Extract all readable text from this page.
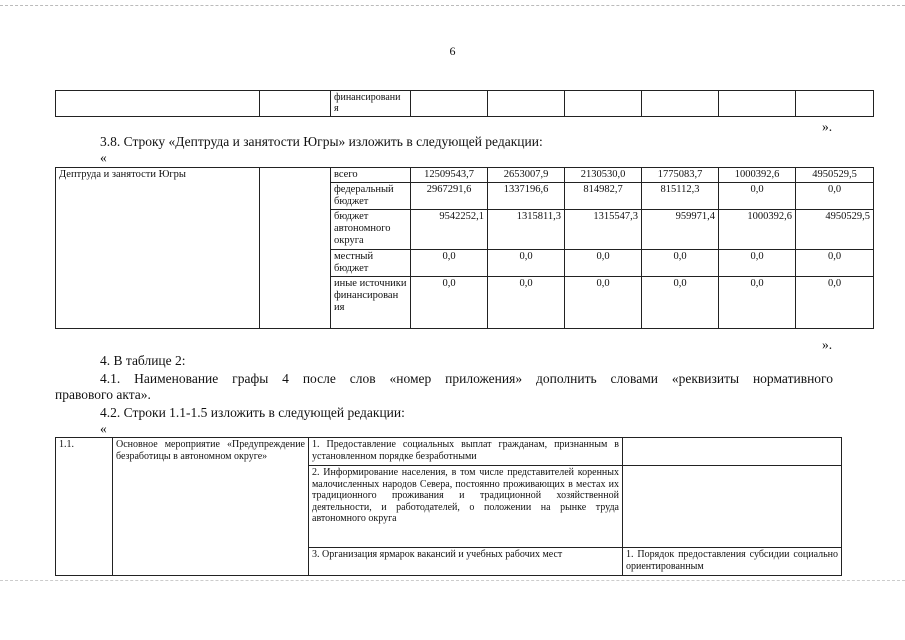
6
		финансировани я						
».
3.8. Строку «Дептруда и занятости Югры» изложить в следующей редакции:
«
Дептруда и занятости Югры		всего	12509543,7	2653007,9	2130530,0	1775083,7	1000392,6	4950529,5
		федеральный бюджет	2967291,6	1337196,6	814982,7	815112,3	0,0	0,0
		бюджет автономного округа	9542252,1	1315811,3	1315547,3	959971,4	1000392,6	4950529,5
		местный бюджет	0,0	0,0	0,0	0,0	0,0	0,0
		иные источники финансирован ия	0,0	0,0	0,0	0,0	0,0	0,0
».
4. В таблице 2:
4.1. Наименование графы 4 после слов «номер приложения» дополнить словами «реквизиты нормативного
правового акта».
4.2. Строки 1.1-1.5 изложить в следующей редакции:
«
1.1.	Основное мероприятие «Предупреждение безработицы в автономном округе»	1. Предоставление социальных выплат гражданам, признанным в установленном порядке безработными	
		2. Информирование населения, в том числе представителей коренных малочисленных народов Севера, постоянно проживающих в местах их традиционного проживания и традиционной хозяйственной деятельности, и работодателей, о положении на рынке труда автономного округа	
		3. Организация ярмарок вакансий и учебных рабочих мест	1. Порядок предоставления субсидии социально ориентированным
